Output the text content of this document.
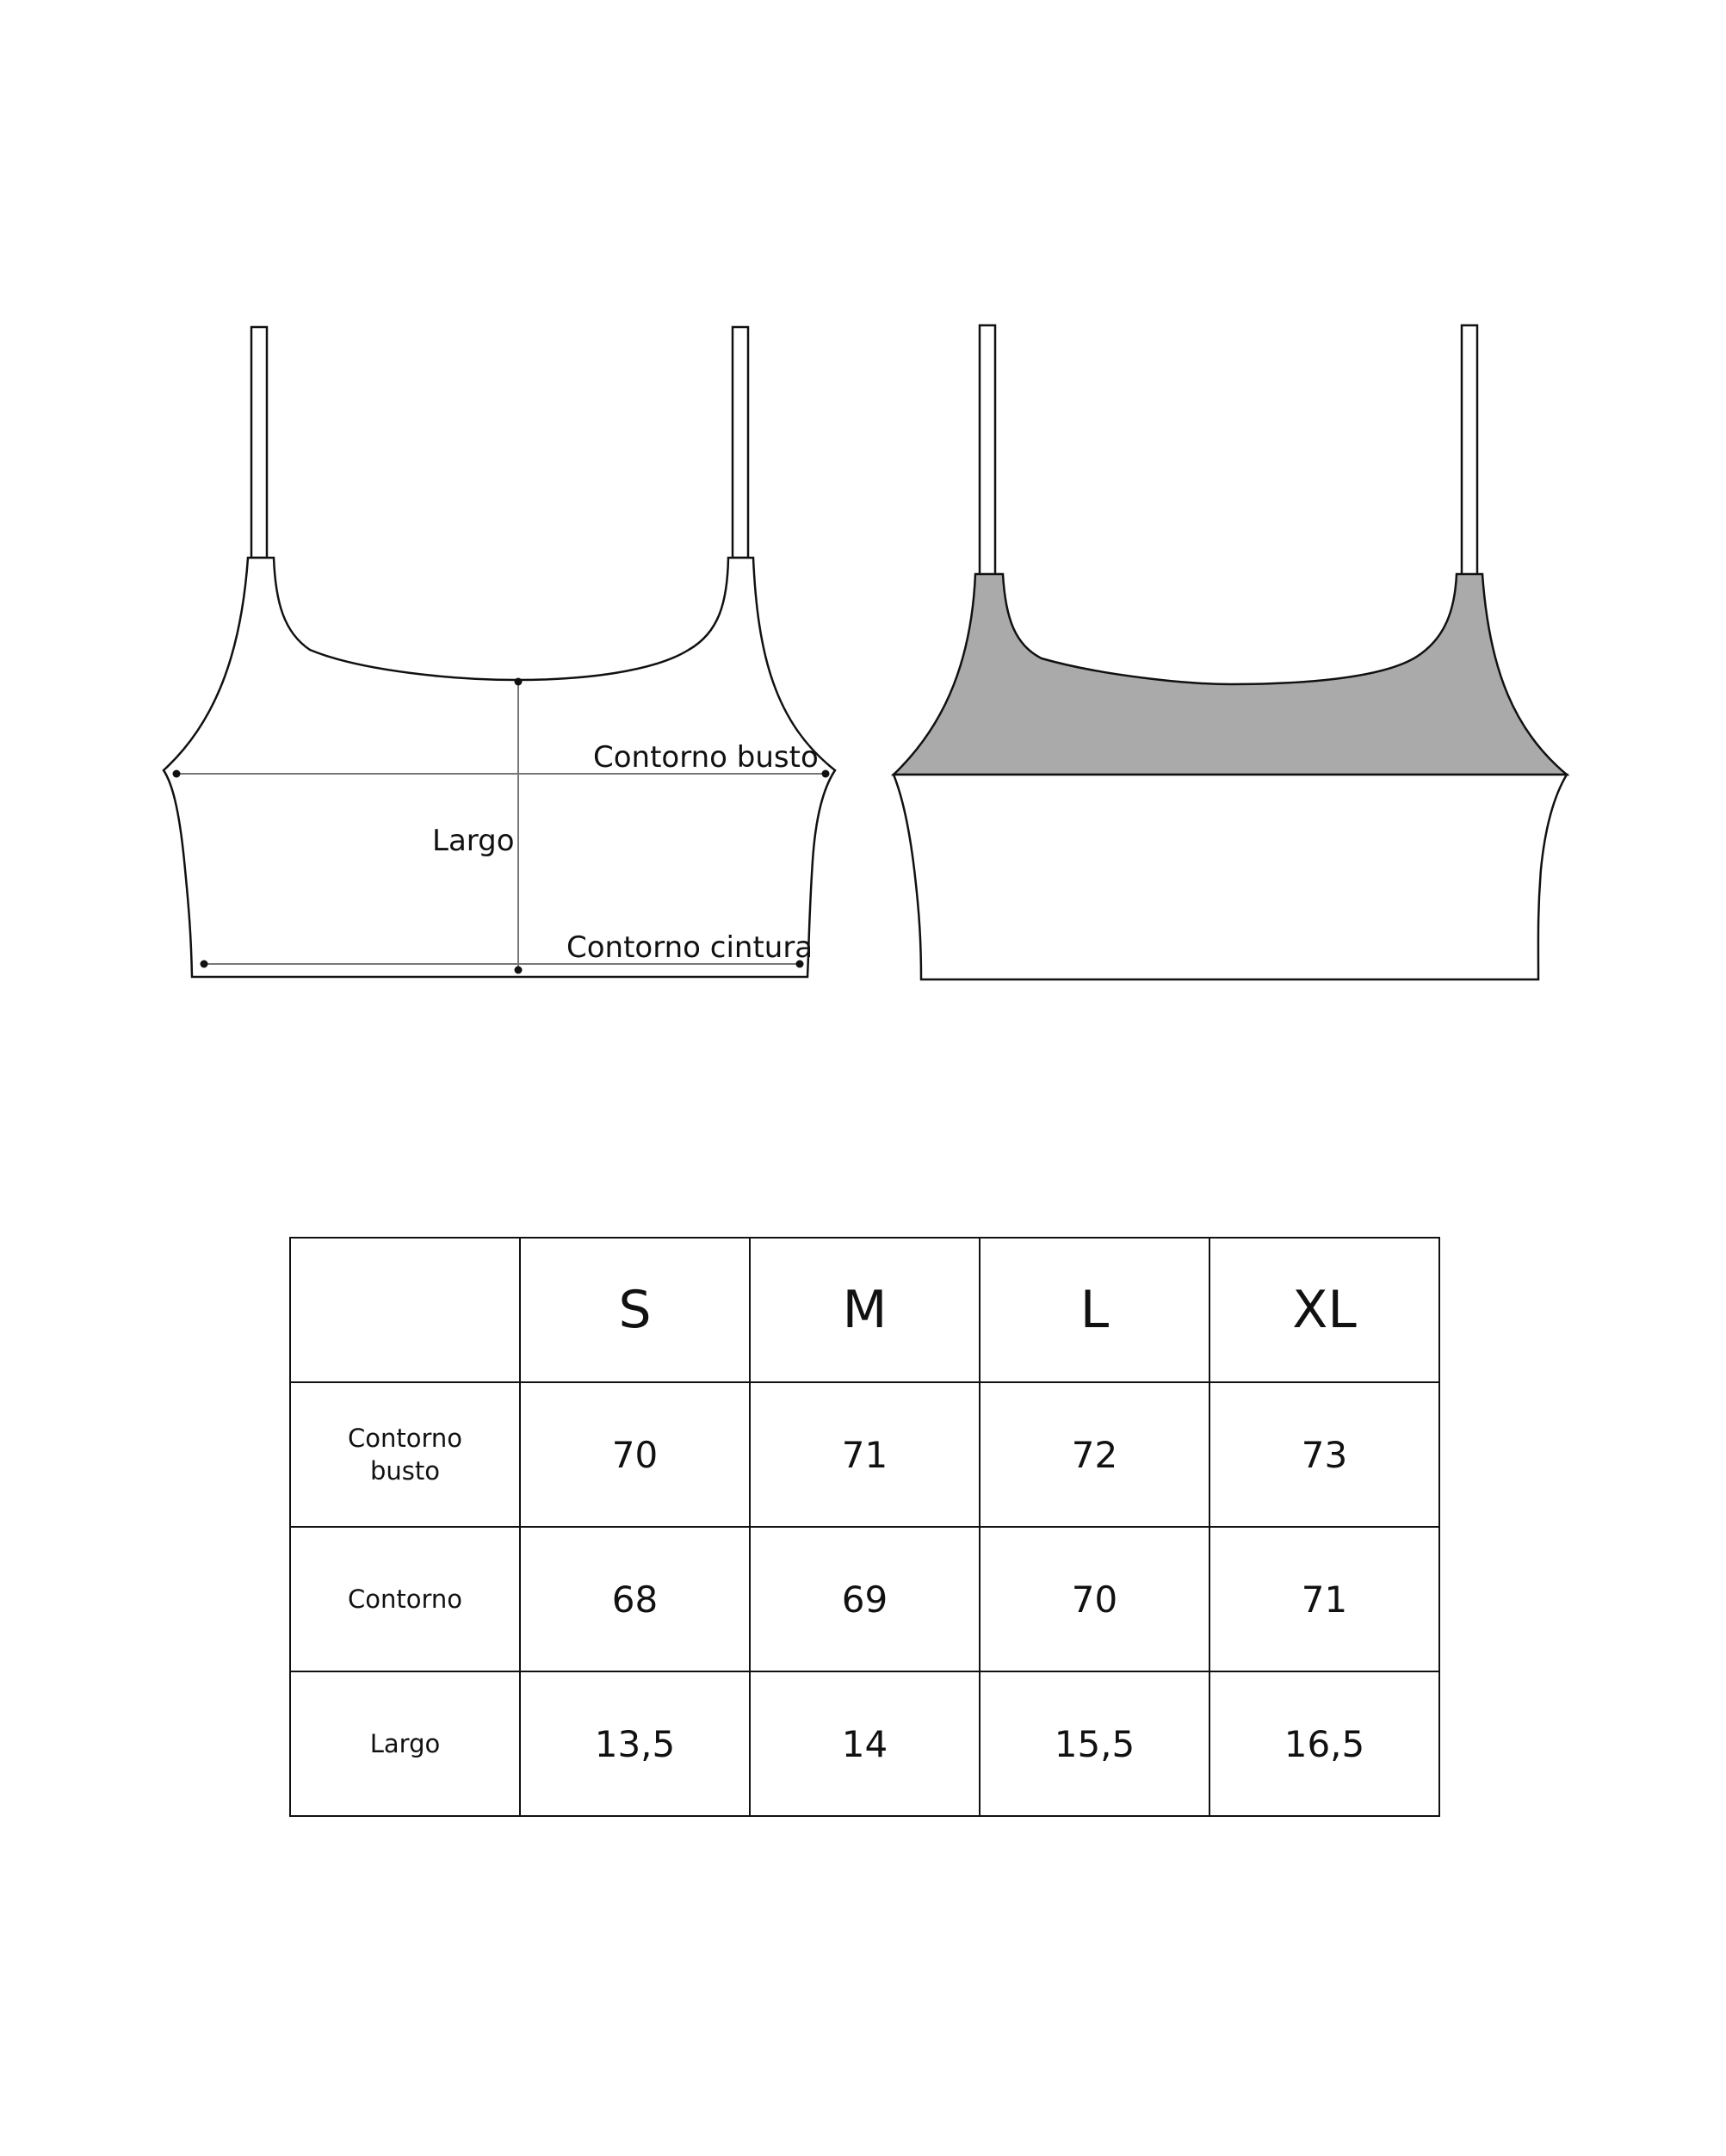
Contorno busto
Largo
Contorno cintura
	S	M	L	XL

Contorno
busto	70	71	72	73

Contorno	68	69	70	71

Largo	13,5	14	15,5	16,5
